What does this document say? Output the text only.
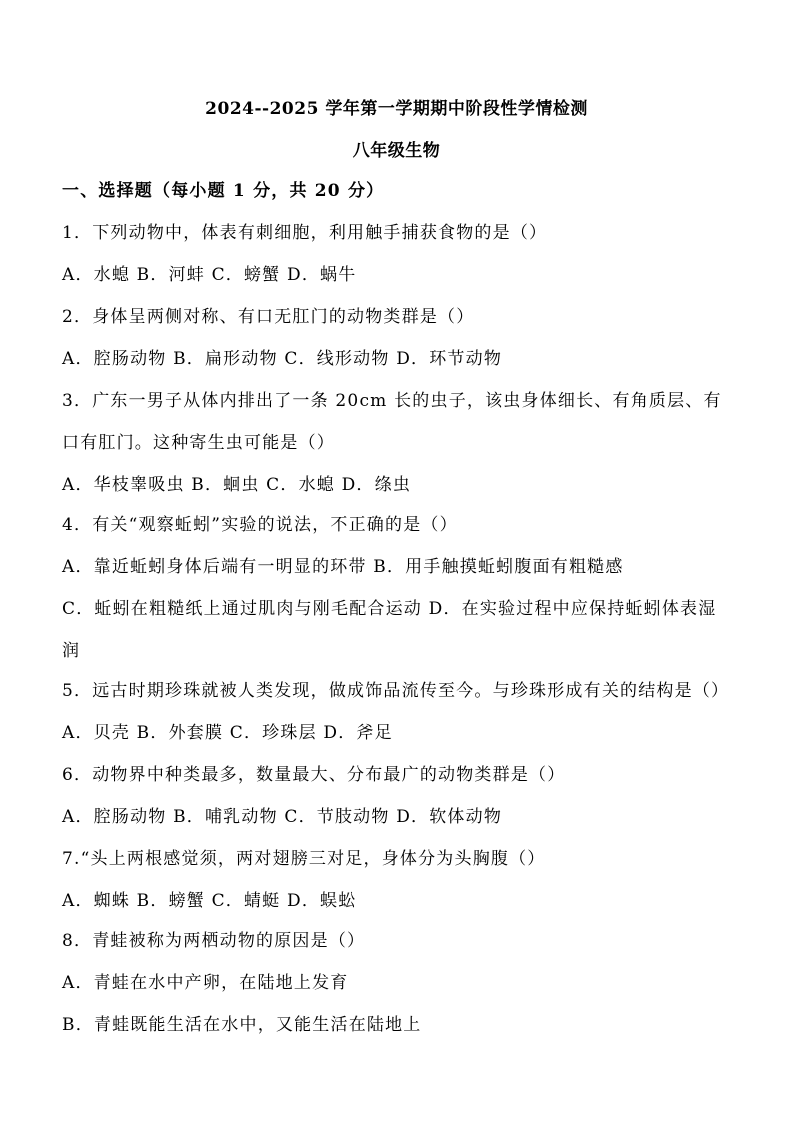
2024--2025 学年第一学期期中阶段性学情检测
八年级生物
一、选择题（每小题 1 分，共 20 分）
1．下列动物中，体表有刺细胞，利用触手捕获食物的是（）
A．水螅 B．河蚌 C．螃蟹 D．蜗牛
2．身体呈两侧对称、有口无肛门的动物类群是（）
A．腔肠动物 B．扁形动物 C．线形动物 D．环节动物
3．广东一男子从体内排出了一条 20cm 长的虫子，该虫身体细长、有角质层、有
口有肛门。这种寄生虫可能是（）
A．华枝睾吸虫 B．蛔虫 C．水螅 D．绦虫
4．有关“观察蚯蚓”实验的说法，不正确的是（）
A．靠近蚯蚓身体后端有一明显的环带 B．用手触摸蚯蚓腹面有粗糙感
C．蚯蚓在粗糙纸上通过肌肉与刚毛配合运动 D．在实验过程中应保持蚯蚓体表湿
润
5．远古时期珍珠就被人类发现，做成饰品流传至今。与珍珠形成有关的结构是（）
A．贝壳 B．外套膜 C．珍珠层 D．斧足
6．动物界中种类最多，数量最大、分布最广的动物类群是（）
A．腔肠动物 B．哺乳动物 C．节肢动物 D．软体动物
7.“头上两根感觉须，两对翅膀三对足，身体分为头胸腹（）
A．蜘蛛 B．螃蟹 C．蜻蜓 D．蜈蚣
8．青蛙被称为两栖动物的原因是（）
A．青蛙在水中产卵，在陆地上发育
B．青蛙既能生活在水中，又能生活在陆地上
